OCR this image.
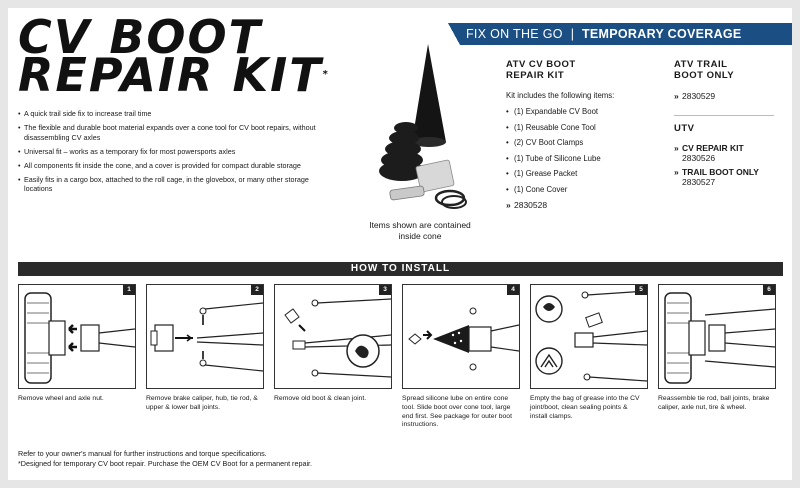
CV BOOT
REPAIR KIT*
FIX ON THE GO | TEMPORARY COVERAGE
• A quick trail side fix to increase trail time
• The flexible and durable boot material expands over a cone tool for CV boot repairs, without disassembling CV axles
• Universal fit – works as a temporary fix for most powersports axles
• All components fit inside the cone, and a cover is provided for compact durable storage
• Easily fits in a cargo box, attached to the roll cage, in the glovebox, or many other storage locations
Items shown are contained inside cone
ATV CV BOOT REPAIR KIT
Kit includes the following items:
• (1) Expandable CV Boot
• (1) Reusable Cone Tool
• (2) CV Boot Clamps
• (1) Tube of Silicone Lube
• (1) Grease Packet
• (1) Cone Cover
» 2830528
ATV TRAIL BOOT ONLY
» 2830529
UTV
» CV REPAIR KIT
2830526
» TRAIL BOOT ONLY
2830527
HOW TO INSTALL
1
Remove wheel and axle nut.
2
Remove brake caliper, hub, tie rod, & upper & lower ball joints.
3
Remove old boot & clean joint.
4
Spread silicone lube on entire cone tool. Slide boot over cone tool, large end first. See package for outer boot instructions.
5
Empty the bag of grease into the CV joint/boot, clean sealing points & install clamps.
6
Reassemble tie rod, ball joints, brake caliper, axle nut, tire & wheel.
Refer to your owner's manual for further instructions and torque specifications.
*Designed for temporary CV boot repair. Purchase the OEM CV Boot for a permanent repair.
